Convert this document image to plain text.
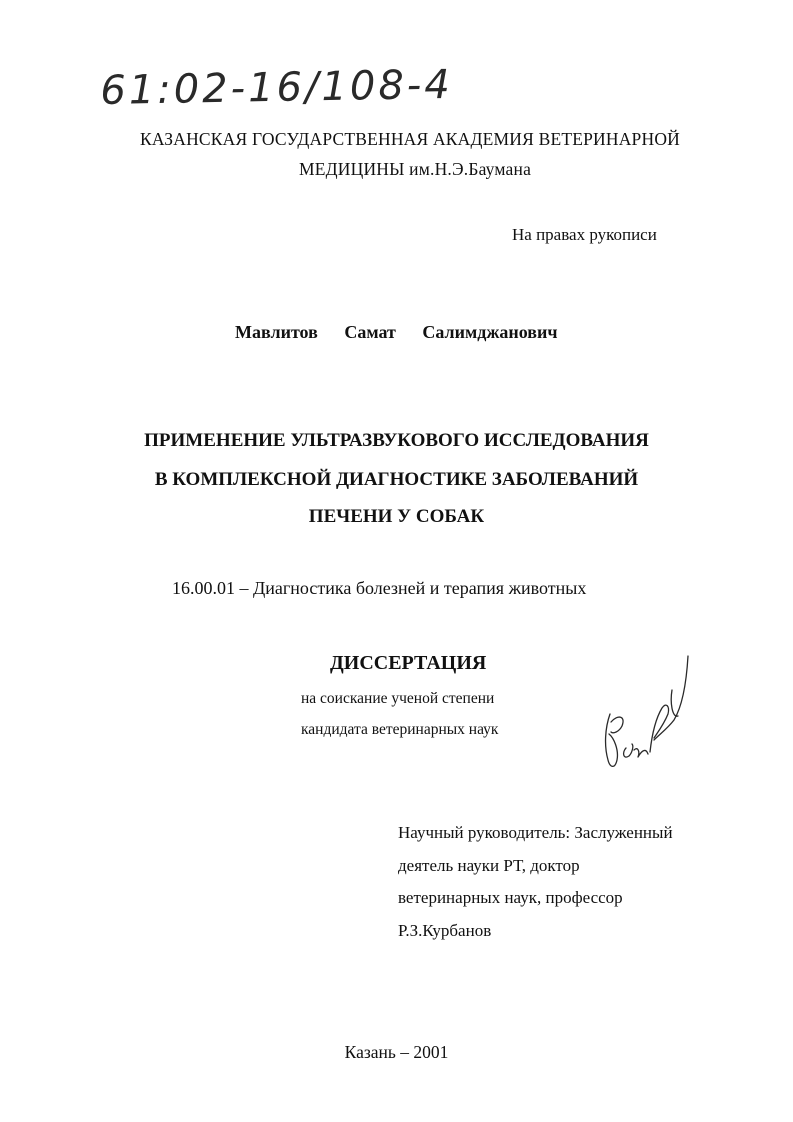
61:02-16/108-4
КАЗАНСКАЯ ГОСУДАРСТВЕННАЯ АКАДЕМИЯ ВЕТЕРИНАРНОЙ
МЕДИЦИНЫ им.Н.Э.Баумана
На правах рукописи
Мавлитов Самат Салимджанович
ПРИМЕНЕНИЕ УЛЬТРАЗВУКОВОГО ИССЛЕДОВАНИЯ
В КОМПЛЕКСНОЙ ДИАГНОСТИКЕ ЗАБОЛЕВАНИЙ
ПЕЧЕНИ У СОБАК
16.00.01 – Диагностика болезней и терапия животных
ДИССЕРТАЦИЯ
на соискание ученой степени
кандидата ветеринарных наук
Научный руководитель: Заслуженный
деятель науки РТ, доктор
ветеринарных наук, профессор
Р.З.Курбанов
Казань – 2001
